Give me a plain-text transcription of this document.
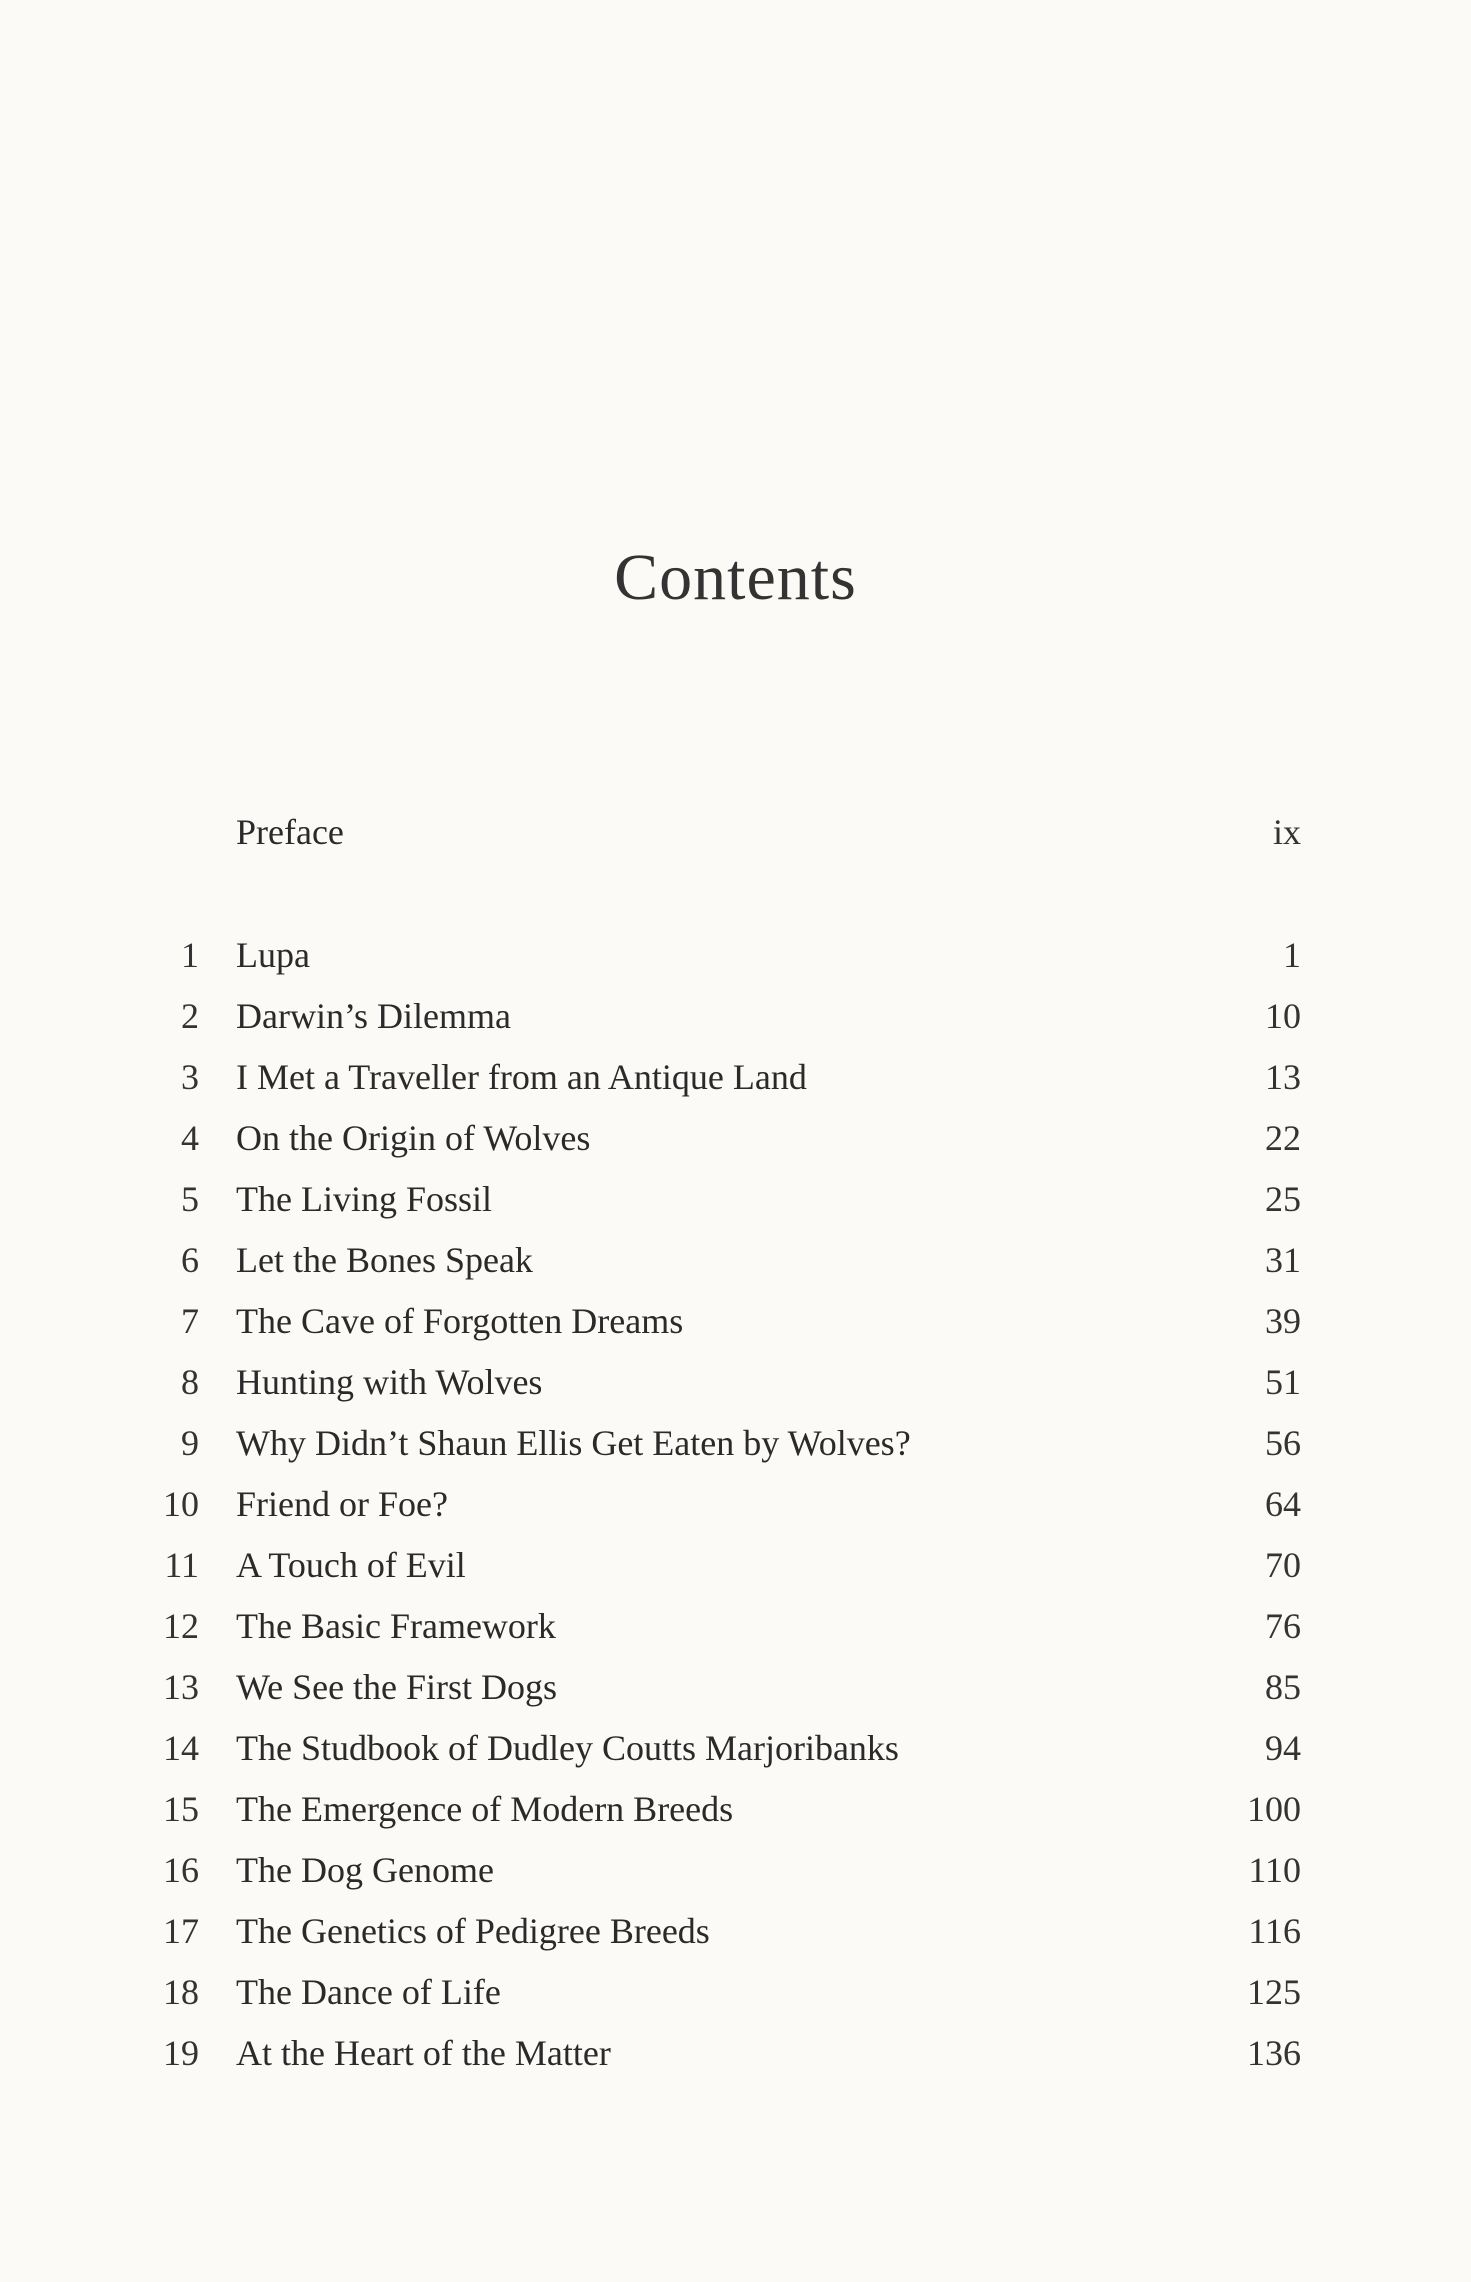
Contents
Preface	ix
1 Lupa	1
2 Darwin’s Dilemma	10
3 I Met a Traveller from an Antique Land	13
4 On the Origin of Wolves	22
5 The Living Fossil	25
6 Let the Bones Speak	31
7 The Cave of Forgotten Dreams	39
8 Hunting with Wolves	51
9 Why Didn’t Shaun Ellis Get Eaten by Wolves?	56
10 Friend or Foe?	64
11 A Touch of Evil	70
12 The Basic Framework	76
13 We See the First Dogs	85
14 The Studbook of Dudley Coutts Marjoribanks	94
15 The Emergence of Modern Breeds	100
16 The Dog Genome	110
17 The Genetics of Pedigree Breeds	116
18 The Dance of Life	125
19 At the Heart of the Matter	136
